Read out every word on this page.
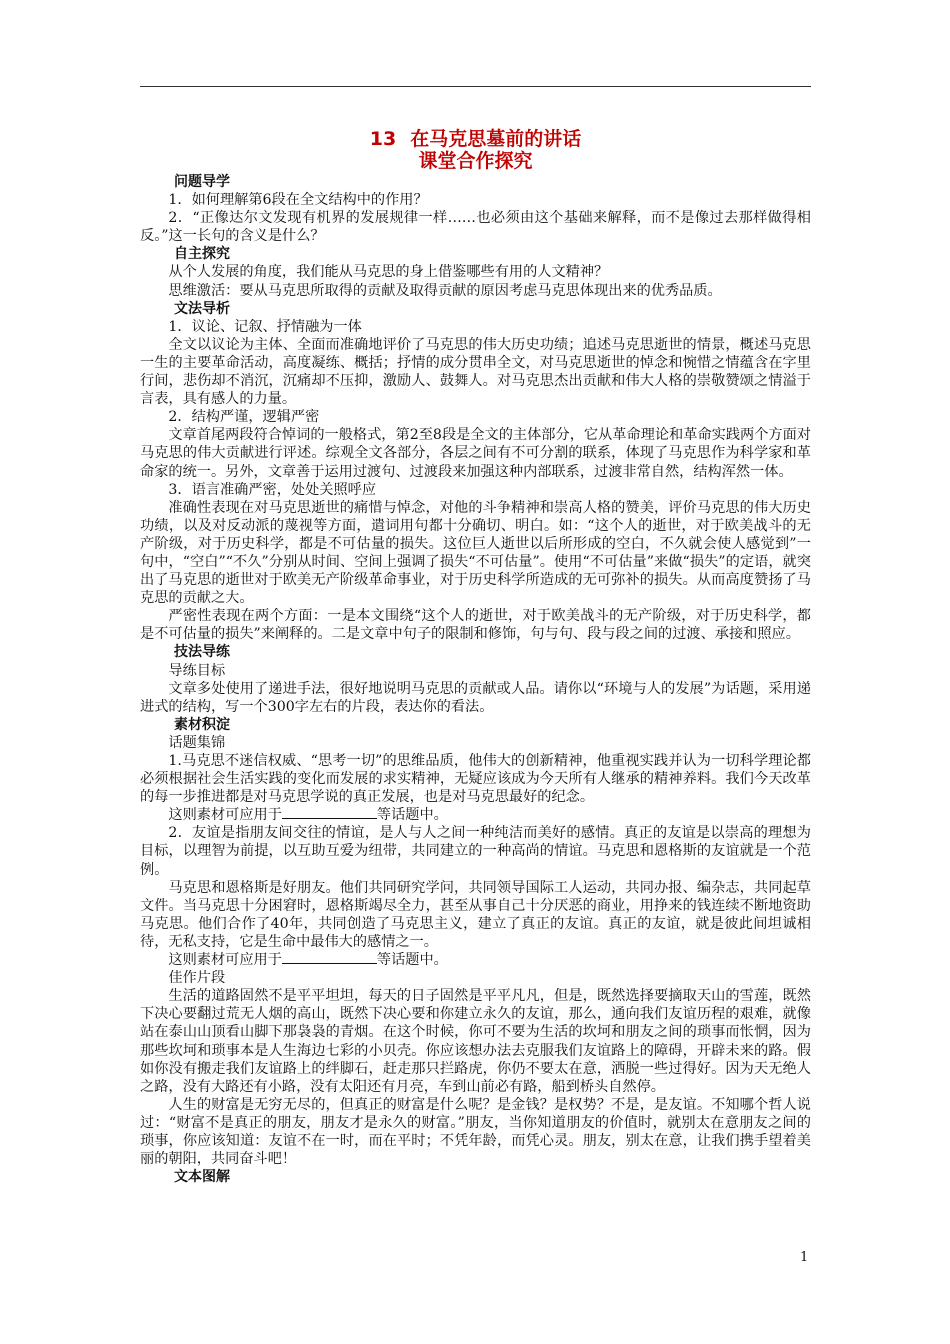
13 在马克思墓前的讲话

课堂合作探究

问题导学

1．如何理解第6段在全文结构中的作用？

2．“正像达尔文发现有机界的发展规律一样……也必须由这个基础来解释，而不是像过去那样做得相反。”这一长句的含义是什么？

自主探究

从个人发展的角度，我们能从马克思的身上借鉴哪些有用的人文精神？

思维激活：要从马克思所取得的贡献及取得贡献的原因考虑马克思体现出来的优秀品质。

文法导析

1．议论、记叙、抒情融为一体

全文以议论为主体、全面而准确地评价了马克思的伟大历史功绩；追述马克思逝世的情景，概述马克思一生的主要革命活动，高度凝练、概括；抒情的成分贯串全文，对马克思逝世的悼念和惋惜之情蕴含在字里行间，悲伤却不消沉，沉痛却不压抑，激励人、鼓舞人。对马克思杰出贡献和伟大人格的崇敬赞颂之情溢于言表，具有感人的力量。

2．结构严谨，逻辑严密

文章首尾两段符合悼词的一般格式，第2至8段是全文的主体部分，它从革命理论和革命实践两个方面对马克思的伟大贡献进行评述。综观全文各部分，各层之间有不可分割的联系，体现了马克思作为科学家和革命家的统一。另外，文章善于运用过渡句、过渡段来加强这种内部联系，过渡非常自然，结构浑然一体。

3．语言准确严密，处处关照呼应

准确性表现在对马克思逝世的痛惜与悼念，对他的斗争精神和崇高人格的赞美，评价马克思的伟大历史功绩，以及对反动派的蔑视等方面，遣词用句都十分确切、明白。如：“这个人的逝世，对于欧美战斗的无产阶级，对于历史科学，都是不可估量的损失。这位巨人逝世以后所形成的空白，不久就会使人感觉到”一句中，“空白”“不久”分别从时间、空间上强调了损失“不可估量”。使用“不可估量”来做“损失”的定语，就突出了马克思的逝世对于欧美无产阶级革命事业，对于历史科学所造成的无可弥补的损失。从而高度赞扬了马克思的贡献之大。

严密性表现在两个方面：一是本文围绕“这个人的逝世，对于欧美战斗的无产阶级，对于历史科学，都是不可估量的损失”来阐释的。二是文章中句子的限制和修饰，句与句、段与段之间的过渡、承接和照应。

技法导练

导练目标

文章多处使用了递进手法，很好地说明马克思的贡献或人品。请你以“环境与人的发展”为话题，采用递进式的结构，写一个300字左右的片段，表达你的看法。

素材积淀

话题集锦

1.马克思不迷信权威、“思考一切”的思维品质，他伟大的创新精神，他重视实践并认为一切科学理论都必须根据社会生活实践的变化而发展的求实精神，无疑应该成为今天所有人继承的精神养料。我们今天改革的每一步推进都是对马克思学说的真正发展，也是对马克思最好的纪念。

这则素材可应用于	等话题中。

2．友谊是指朋友间交往的情谊，是人与人之间一种纯洁而美好的感情。真正的友谊是以崇高的理想为目标，以理智为前提，以互助互爱为纽带，共同建立的一种高尚的情谊。马克思和恩格斯的友谊就是一个范例。

马克思和恩格斯是好朋友。他们共同研究学问，共同领导国际工人运动，共同办报、编杂志，共同起草文件。当马克思十分困窘时，恩格斯竭尽全力，甚至从事自己十分厌恶的商业，用挣来的钱连续不断地资助马克思。他们合作了40年，共同创造了马克思主义，建立了真正的友谊。真正的友谊，就是彼此间坦诚相待，无私支持，它是生命中最伟大的感情之一。

这则素材可应用于	等话题中。

佳作片段

生活的道路固然不是平平坦坦，每天的日子固然是平平凡凡，但是，既然选择要摘取天山的雪莲，既然下决心要翻过荒无人烟的高山，既然下决心要和你建立永久的友谊，那么，通向我们友谊历程的艰难，就像站在泰山山顶看山脚下那袅袅的青烟。在这个时候，你可不要为生活的坎坷和朋友之间的琐事而怅惘，因为那些坎坷和琐事本是人生海边七彩的小贝壳。你应该想办法去克服我们友谊路上的障碍，开辟未来的路。假如你没有搬走我们友谊路上的绊脚石，赶走那只拦路虎，你仍不要太在意，洒脱一些过得好。因为天无绝人之路，没有大路还有小路，没有太阳还有月亮，车到山前必有路，船到桥头自然停。

人生的财富是无穷无尽的，但真正的财富是什么呢？是金钱？是权势？不是，是友谊。不知哪个哲人说过：“财富不是真正的朋友，朋友才是永久的财富。”朋友，当你知道朋友的价值时，就别太在意朋友之间的琐事，你应该知道：友谊不在一时，而在平时；不凭年龄，而凭心灵。朋友，别太在意，让我们携手望着美丽的朝阳，共同奋斗吧！

文本图解

1
